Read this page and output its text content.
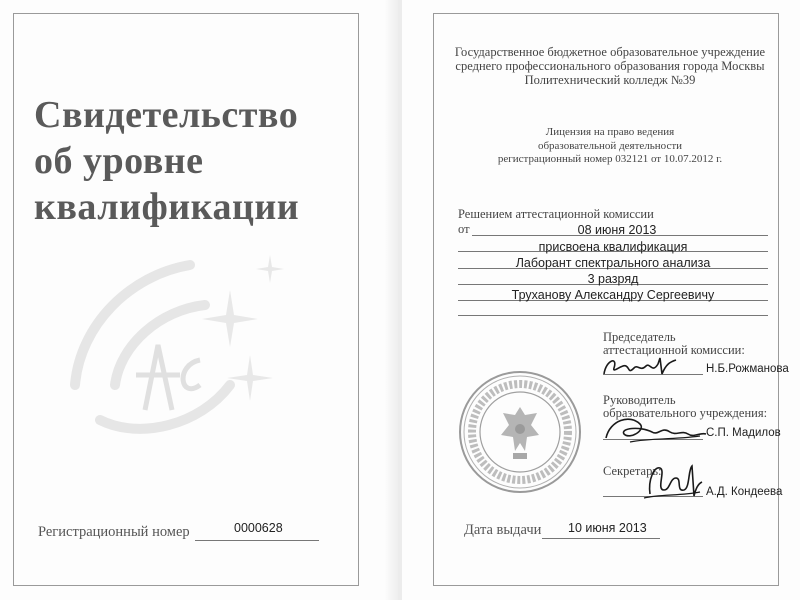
Свидетельство
об уровне
квалификации
Регистрационный номер	0000628
Государственное бюджетное образовательное учреждение
среднего профессионального образования города Москвы
Политехнический колледж №39
Лицензия на право ведения
образовательной деятельности
регистрационный номер 032121 от 10.07.2012 г.
Решением аттестационной комиссии
от	08 июня 2013
присвоена квалификация
Лаборант спектрального анализа
3 разряд
Труханову Александру Сергеевичу
Председатель
аттестационной комиссии:
Н.Б.Рожманова
Руководитель
образовательного учреждения:
С.П. Мадилов
Секретарь:
А.Д. Кондеева
Дата выдачи 10 июня 2013
